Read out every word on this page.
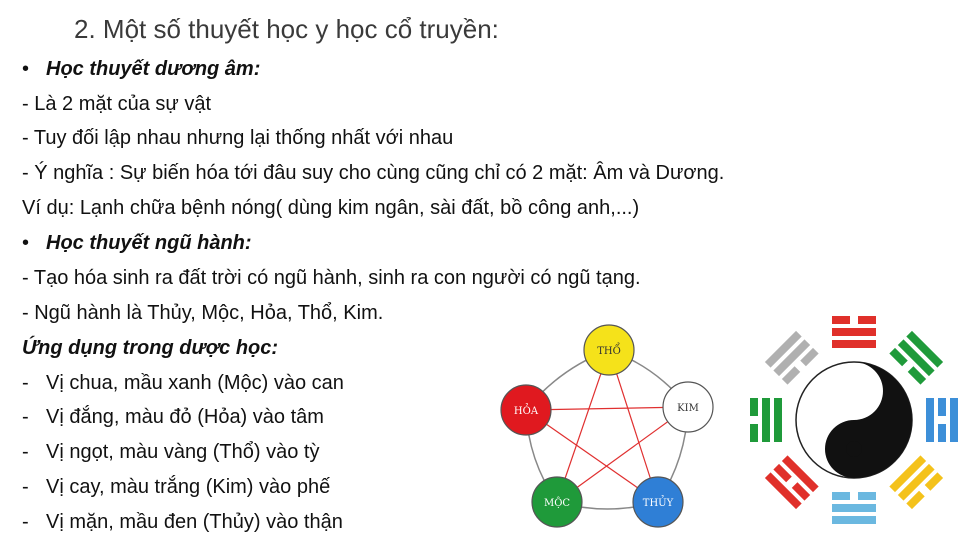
2. Một số thuyết học y học cổ truyền:
• Học thuyết dương âm:
- Là 2 mặt của sự vật
- Tuy đối lập nhau nhưng lại thống nhất với nhau
- Ý nghĩa : Sự biến hóa tới đâu suy cho cùng cũng chỉ có 2 mặt: Âm và Dương.
Ví dụ: Lạnh chữa bệnh nóng( dùng kim ngân, sài đất, bồ công anh,...)
• Học thuyết ngũ hành:
- Tạo hóa sinh ra đất trời có ngũ hành, sinh ra con người có ngũ tạng.
- Ngũ hành là Thủy, Mộc, Hỏa, Thổ, Kim.
Ứng dụng trong dược học:
- Vị chua, mầu xanh (Mộc) vào can
- Vị đắng, màu đỏ (Hỏa) vào tâm
- Vị ngọt, màu vàng (Thổ) vào tỳ
- Vị cay, màu trắng (Kim) vào phế
- Vị mặn, mầu đen (Thủy) vào thận
THỔ
KIM
THỦY
MỘC
HỎA
